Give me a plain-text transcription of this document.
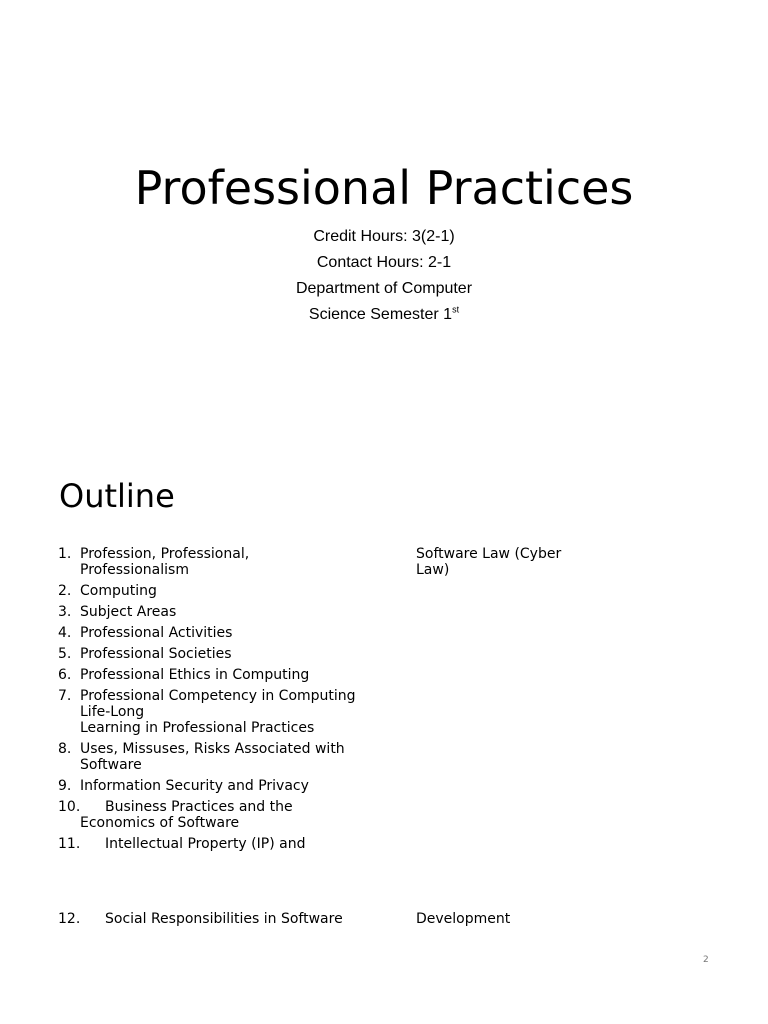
Professional Practices
Credit Hours: 3(2-1)
Contact Hours: 2-1
Department of Computer
Science Semester 1st
Outline
1. Profession, Professional,
Professionalism
2. Computing
3. Subject Areas
4. Professional Activities
5. Professional Societies
6. Professional Ethics in Computing
7. Professional Competency in Computing
Life-Long
Learning in Professional Practices
8. Uses, Missuses, Risks Associated with
Software
9. Information Security and Privacy
10.	Business Practices and the
Economics of Software
11.	Intellectual Property (IP) and
Software Law (Cyber
Law)
12. Social Responsibilities in Software	Development
2
